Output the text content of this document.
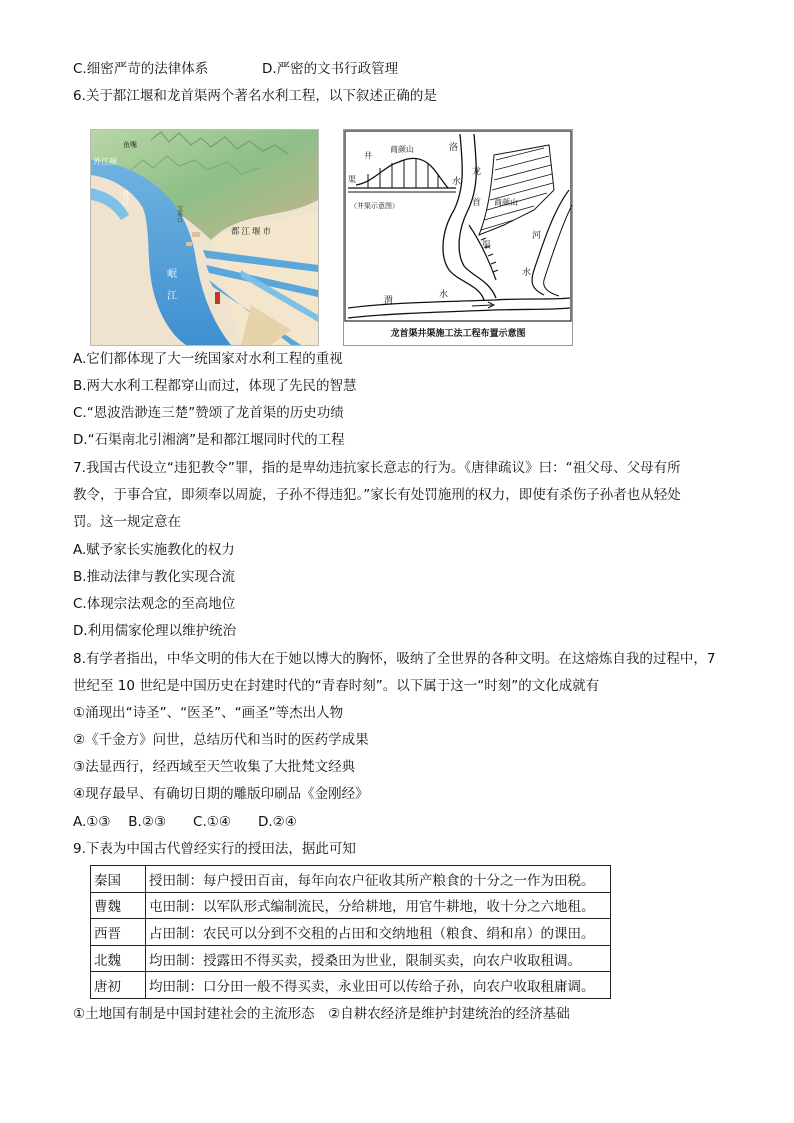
C.细密严苛的法律体系	D.严密的文书行政管理
6.关于都江堰和龙首渠两个著名水利工程，以下叙述正确的是
鱼嘴
外江闸
外江
岷江
都江堰市
宝瓶口
井
商颜山
渠
（井渠示意图）
洛
水
龙
首 商颜山
渠
河
水
渭
水
龙首渠井渠施工法工程布置示意图
A.它们都体现了大一统国家对水利工程的重视
B.两大水利工程都穿山而过，体现了先民的智慧
C.“恩波浩渺连三楚”赞颂了龙首渠的历史功绩
D.“石渠南北引湘漓”是和都江堰同时代的工程
7.我国古代设立“违犯教令”罪，指的是卑幼违抗家长意志的行为。《唐律疏议》曰：“祖父母、父母有所
教令，于事合宜，即须奉以周旋，子孙不得违犯。”家长有处罚施刑的权力，即使有杀伤子孙者也从轻处
罚。这一规定意在
A.赋予家长实施教化的权力
B.推动法律与教化实现合流
C.体现宗法观念的至高地位
D.利用儒家伦理以维护统治
8.有学者指出，中华文明的伟大在于她以博大的胸怀，吸纳了全世界的各种文明。在这熔炼自我的过程中，7
世纪至 10 世纪是中国历史在封建时代的“青春时刻”。以下属于这一“时刻”的文化成就有
①涌现出“诗圣”、“医圣”、“画圣”等杰出人物
②《千金方》问世，总结历代和当时的医药学成果
③法显西行，经西域至天竺收集了大批梵文经典
④现存最早、有确切日期的雕版印刷品《金刚经》
A.①③　 B.②③　　C.①④　　D.②④
9.下表为中国古代曾经实行的授田法，据此可知
秦国	授田制：每户授田百亩，每年向农户征收其所产粮食的十分之一作为田税。
曹魏	屯田制：以军队形式编制流民，分给耕地，用官牛耕地，收十分之六地租。
西晋	占田制：农民可以分到不交租的占田和交纳地租（粮食、绢和帛）的课田。
北魏	均田制：授露田不得买卖，授桑田为世业，限制买卖，向农户收取租调。
唐初	均田制：口分田一般不得买卖，永业田可以传给子孙，向农户收取租庸调。
①土地国有制是中国封建社会的主流形态　②自耕农经济是维护封建统治的经济基础
